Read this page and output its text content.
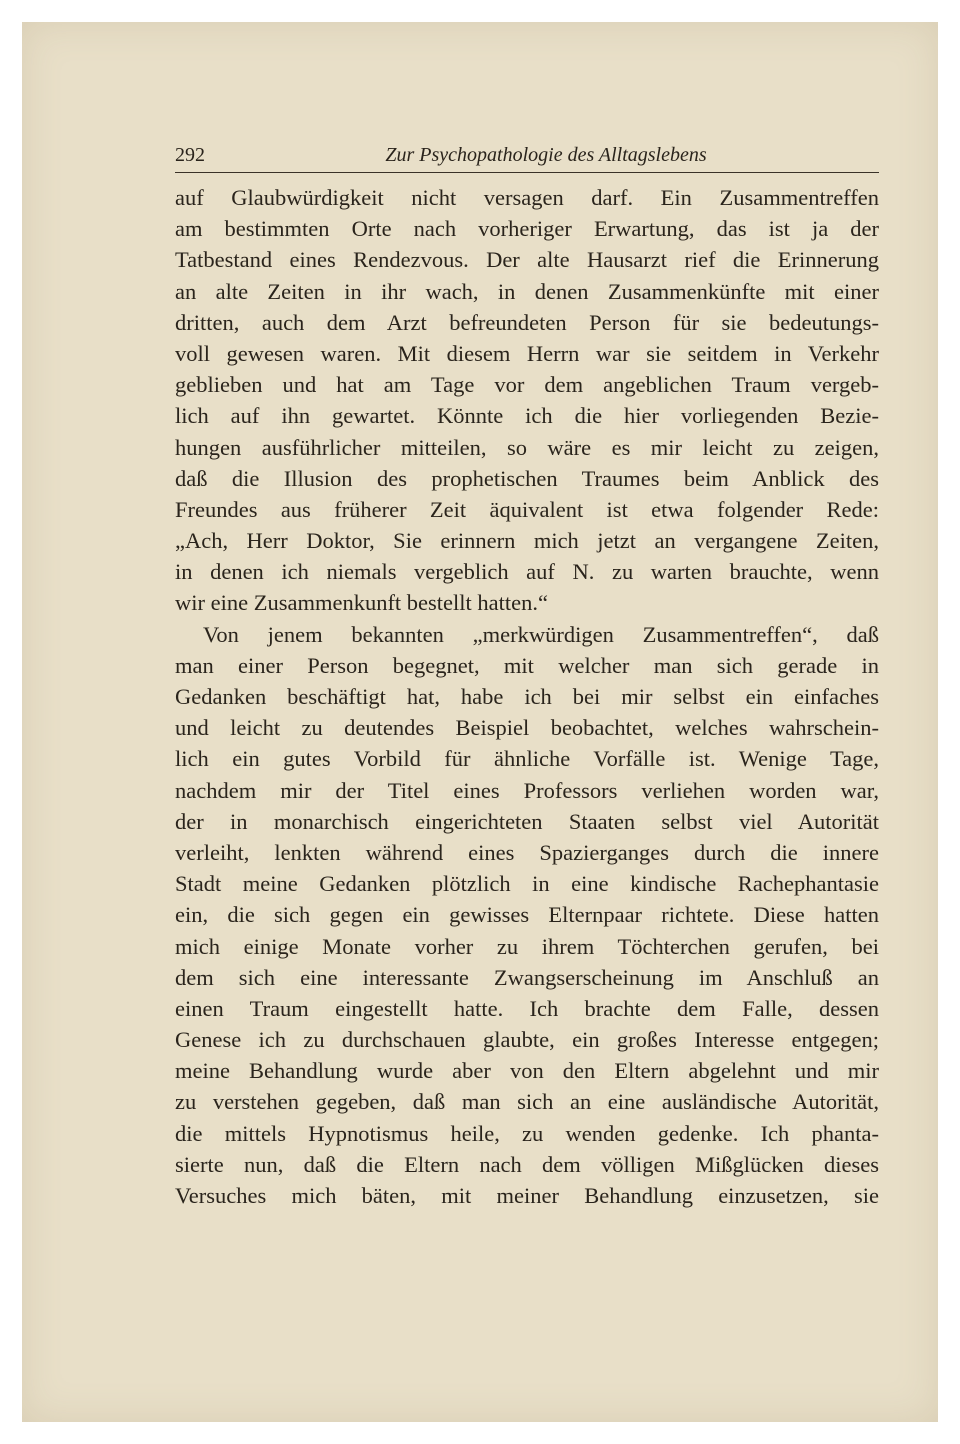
292	Zur Psychopathologie des Alltagslebens
auf Glaubwürdigkeit nicht versagen darf. Ein Zusammentreffen
am bestimmten Orte nach vorheriger Erwartung, das ist ja der
Tatbestand eines Rendezvous. Der alte Hausarzt rief die Erinnerung
an alte Zeiten in ihr wach, in denen Zusammenkünfte mit einer
dritten, auch dem Arzt befreundeten Person für sie bedeutungs-
voll gewesen waren. Mit diesem Herrn war sie seitdem in Verkehr
geblieben und hat am Tage vor dem angeblichen Traum vergeb-
lich auf ihn gewartet. Könnte ich die hier vorliegenden Bezie-
hungen ausführlicher mitteilen, so wäre es mir leicht zu zeigen,
daß die Illusion des prophetischen Traumes beim Anblick des
Freundes aus früherer Zeit äquivalent ist etwa folgender Rede:
„Ach, Herr Doktor, Sie erinnern mich jetzt an vergangene Zeiten,
in denen ich niemals vergeblich auf N. zu warten brauchte, wenn
wir eine Zusammenkunft bestellt hatten.“
Von jenem bekannten „merkwürdigen Zusammentreffen“, daß
man einer Person begegnet, mit welcher man sich gerade in
Gedanken beschäftigt hat, habe ich bei mir selbst ein einfaches
und leicht zu deutendes Beispiel beobachtet, welches wahrschein-
lich ein gutes Vorbild für ähnliche Vorfälle ist. Wenige Tage,
nachdem mir der Titel eines Professors verliehen worden war,
der in monarchisch eingerichteten Staaten selbst viel Autorität
verleiht, lenkten während eines Spazierganges durch die innere
Stadt meine Gedanken plötzlich in eine kindische Rachephantasie
ein, die sich gegen ein gewisses Elternpaar richtete. Diese hatten
mich einige Monate vorher zu ihrem Töchterchen gerufen, bei
dem sich eine interessante Zwangserscheinung im Anschluß an
einen Traum eingestellt hatte. Ich brachte dem Falle, dessen
Genese ich zu durchschauen glaubte, ein großes Interesse entgegen;
meine Behandlung wurde aber von den Eltern abgelehnt und mir
zu verstehen gegeben, daß man sich an eine ausländische Autorität,
die mittels Hypnotismus heile, zu wenden gedenke. Ich phanta-
sierte nun, daß die Eltern nach dem völligen Mißglücken dieses
Versuches mich bäten, mit meiner Behandlung einzusetzen, sie
